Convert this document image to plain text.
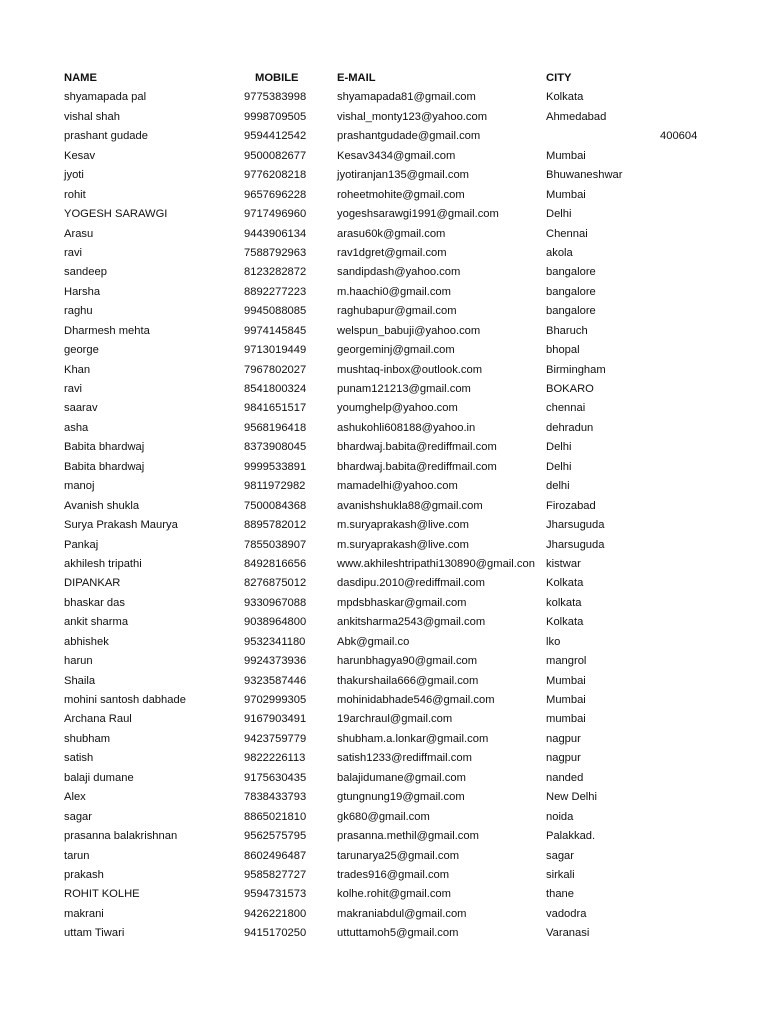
NAME	MOBILE	E-MAIL	CITY
shyamapada pal	9775383998	shyamapada81@gmail.com	Kolkata
vishal shah	9998709505	vishal_monty123@yahoo.com	Ahmedabad
prashant gudade	9594412542	prashantgudade@gmail.com	400604
Kesav	9500082677	Kesav3434@gmail.com	Mumbai
jyoti	9776208218	jyotiranjan135@gmail.com	Bhuwaneshwar
rohit	9657696228	roheetmohite@gmail.com	Mumbai
YOGESH SARAWGI	9717496960	yogeshsarawgi1991@gmail.com	Delhi
Arasu	9443906134	arasu60k@gmail.com	Chennai
ravi	7588792963	rav1dgret@gmail.com	akola
sandeep	8123282872	sandipdash@yahoo.com	bangalore
Harsha	8892277223	m.haachi0@gmail.com	bangalore
raghu	9945088085	raghubapur@gmail.com	bangalore
Dharmesh mehta	9974145845	welspun_babuji@yahoo.com	Bharuch
george	9713019449	georgeminj@gmail.com	bhopal
Khan	7967802027	mushtaq-inbox@outlook.com	Birmingham
ravi	8541800324	punam121213@gmail.com	BOKARO
saarav	9841651517	youmghelp@yahoo.com	chennai
asha	9568196418	ashukohli608188@yahoo.in	dehradun
Babita bhardwaj	8373908045	bhardwaj.babita@rediffmail.com	Delhi
Babita bhardwaj	9999533891	bhardwaj.babita@rediffmail.com	Delhi
manoj	9811972982	mamadelhi@yahoo.com	delhi
Avanish shukla	7500084368	avanishshukla88@gmail.com	Firozabad
Surya Prakash Maurya	8895782012	m.suryaprakash@live.com	Jharsuguda
Pankaj	7855038907	m.suryaprakash@live.com	Jharsuguda
akhilesh tripathi	8492816656	www.akhileshtripathi130890@gmail.con kistwar
DIPANKAR	8276875012	dasdipu.2010@rediffmail.com	Kolkata
bhaskar das	9330967088	mpdsbhaskar@gmail.com	kolkata
ankit sharma	9038964800	ankitsharma2543@gmail.com	Kolkata
abhishek	9532341180	Abk@gmail.co	lko
harun	9924373936	harunbhagya90@gmail.com	mangrol
Shaila	9323587446	thakurshaila666@gmail.com	Mumbai
mohini santosh dabhade	9702999305	mohinidabhade546@gmail.com	Mumbai
Archana Raul	9167903491	19archraul@gmail.com	mumbai
shubham	9423759779	shubham.a.lonkar@gmail.com	nagpur
satish	9822226113	satish1233@rediffmail.com	nagpur
balaji dumane	9175630435	balajidumane@gmail.com	nanded
Alex	7838433793	gtungnung19@gmail.com	New Delhi
sagar	8865021810	gk680@gmail.com	noida
prasanna balakrishnan	9562575795	prasanna.methil@gmail.com	Palakkad.
tarun	8602496487	tarunarya25@gmail.com	sagar
prakash	9585827727	trades916@gmail.com	sirkali
ROHIT KOLHE	9594731573	kolhe.rohit@gmail.com	thane
makrani	9426221800	makraniabdul@gmail.com	vadodra
uttam Tiwari	9415170250	uttuttamoh5@gmail.com	Varanasi
